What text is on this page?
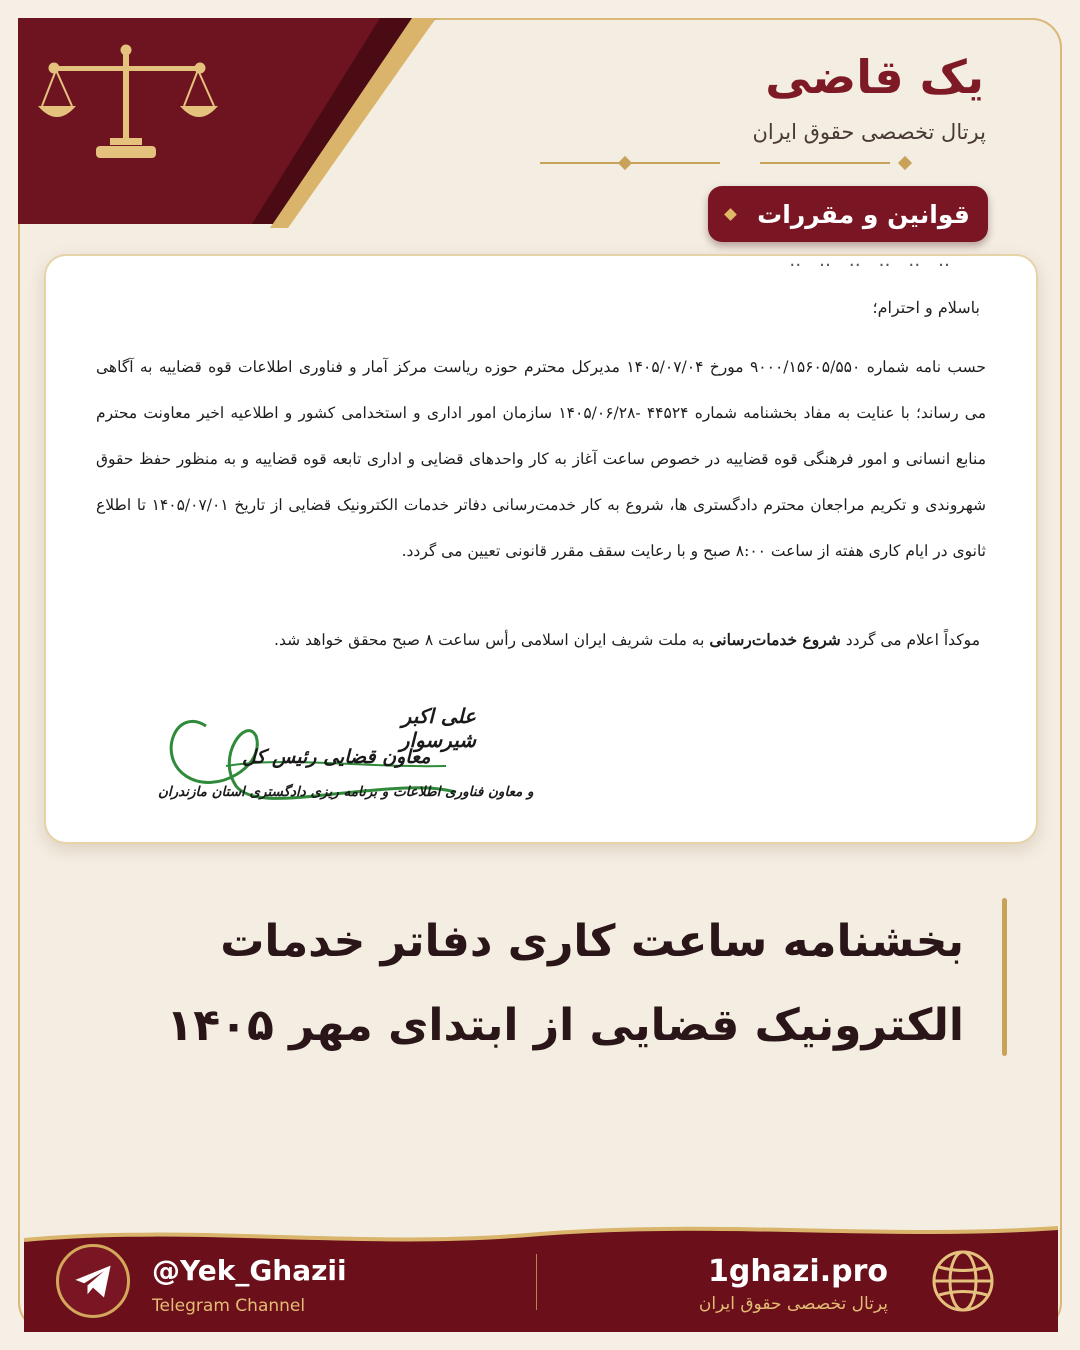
یک قاضی
پرتال تخصصی حقوق ایران
قوانین و مقررات
‥ ‥ ‥ ‥ ‥ ‥
باسلام و احترام؛
حسب نامه شماره ۹۰۰۰/۱۵۶۰۵/۵۵۰ مورخ ۱۴۰۵/۰۷/۰۴ مدیرکل محترم حوزه ریاست مرکز آمار و فناوری اطلاعات قوه قضاییه به آگاهی می رساند؛ با عنایت به مفاد بخشنامه شماره ۴۴۵۲۴ -۱۴۰۵/۰۶/۲۸ سازمان امور اداری و استخدامی کشور و اطلاعیه اخیر معاونت محترم منابع انسانی و امور فرهنگی قوه قضاییه در خصوص ساعت آغاز به کار واحدهای قضایی و اداری تابعه قوه قضاییه و به منظور حفظ حقوق شهروندی و تکریم مراجعان محترم دادگستری ها، شروع به کار خدمت‌رسانی دفاتر خدمات الکترونیک قضایی از تاریخ ۱۴۰۵/۰۷/۰۱ تا اطلاع ثانوی در ایام کاری هفته از ساعت ۸:۰۰ صبح و با رعایت سقف مقرر قانونی تعیین می گردد.
موکداً اعلام می گردد شروع خدمات‌رسانی به ملت شریف ایران اسلامی رأس ساعت ۸ صبح محقق خواهد شد.
علی اکبر شیرسوار
معاون قضایی رئیس کل
و معاون فناوری اطلاعات و برنامه ریزی دادگستری استان مازندران
بخشنامه ساعت کاری دفاتر خدمات
الکترونیک قضایی از ابتدای مهر ۱۴۰۵
@Yek_Ghazii
Telegram Channel
1ghazi.pro
پرتال تخصصی حقوق ایران
